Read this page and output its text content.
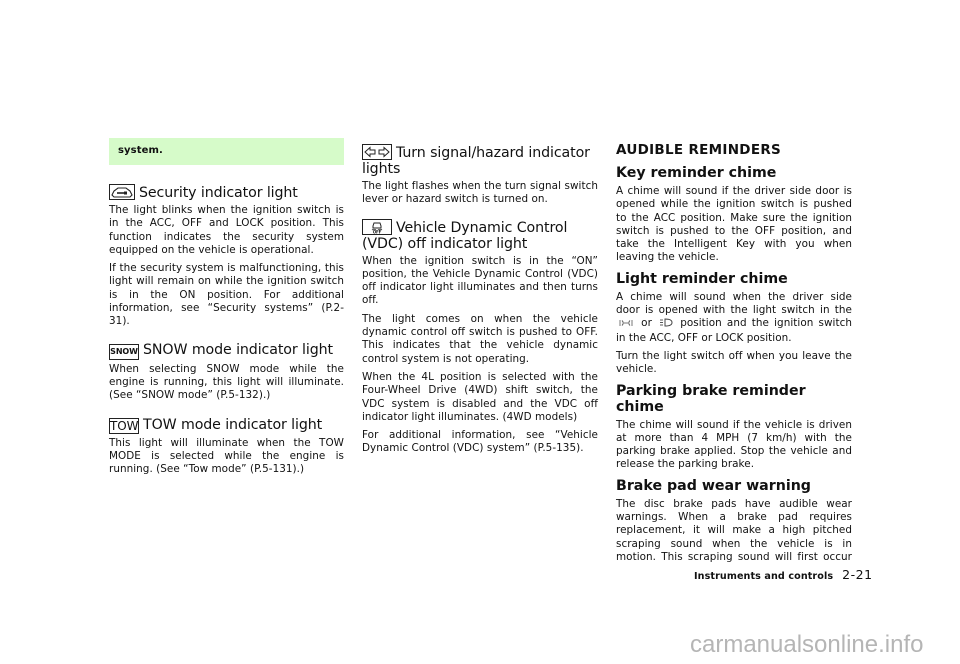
system.
Security indicator light

The light blinks when the ignition switch is in the ACC, OFF and LOCK position. This function indicates the security system equipped on the vehicle is operational.

If the security system is malfunctioning, this light will remain on while the ignition switch is in the ON position. For additional information, see “Security systems” (P.2-31).

SNOW SNOW mode indicator light

When selecting SNOW mode while the engine is running, this light will illuminate. (See “SNOW mode” (P.5-132).)

TOW TOW mode indicator light

This light will illuminate when the TOW MODE is selected while the engine is running. (See “Tow mode” (P.5-131).)

Turn signal/hazard indicator lights

The light flashes when the turn signal switch lever or hazard switch is turned on.

OFF Vehicle Dynamic Control (VDC) off indicator light

When the ignition switch is in the “ON” position, the Vehicle Dynamic Control (VDC) off indicator light illuminates and then turns off.

The light comes on when the vehicle dynamic control off switch is pushed to OFF. This indicates that the vehicle dynamic control system is not operating.

When the 4L position is selected with the Four-Wheel Drive (4WD) shift switch, the VDC system is disabled and the VDC off indicator light illuminates. (4WD models)

For additional information, see “Vehicle Dynamic Control (VDC) system” (P.5-135).

AUDIBLE REMINDERS
Key reminder chime

A chime will sound if the driver side door is opened while the ignition switch is pushed to the ACC position. Make sure the ignition switch is pushed to the OFF position, and take the Intelligent Key with you when leaving the vehicle.

Light reminder chime

A chime will sound when the driver side door is opened with the light switch in the  or	position and the ignition switch in the ACC, OFF or LOCK position.

Turn the light switch off when you leave the vehicle.

Parking brake reminder chime

The chime will sound if the vehicle is driven at more than 4 MPH (7 km/h) with the parking brake applied. Stop the vehicle and release the parking brake.

Brake pad wear warning

The disc brake pads have audible wear warnings. When a brake pad requires replacement, it will make a high pitched scraping sound when the vehicle is in motion. This scraping sound will first occur

Instruments and controls 2-21
carmanualsonline.info
